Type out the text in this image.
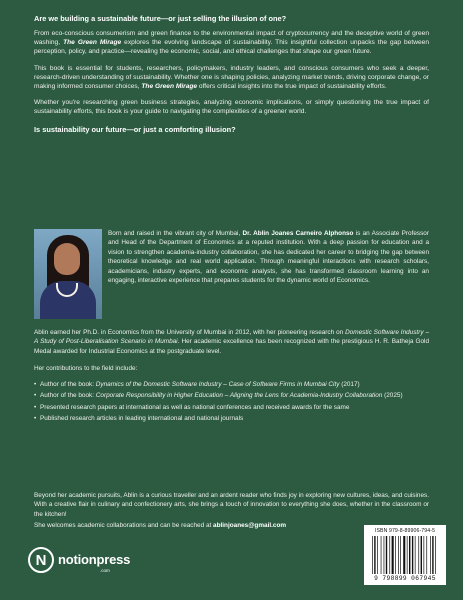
Are we building a sustainable future—or just selling the illusion of one?
From eco-conscious consumerism and green finance to the environmental impact of cryptocurrency and the deceptive world of green washing, The Green Mirage explores the evolving landscape of sustainability. This insightful collection unpacks the gap between perception, policy, and practice—revealing the economic, social, and ethical challenges that shape our green future.
This book is essential for students, researchers, policymakers, industry leaders, and conscious consumers who seek a deeper, research-driven understanding of sustainability. Whether one is shaping policies, analyzing market trends, driving corporate change, or making informed consumer choices, The Green Mirage offers critical insights into the true impact of sustainability efforts.
Whether you're researching green business strategies, analyzing economic implications, or simply questioning the true impact of sustainability efforts, this book is your guide to navigating the complexities of a greener world.
Is sustainability our future—or just a comforting illusion?
Born and raised in the vibrant city of Mumbai, Dr. Ablin Joanes Carneiro Alphonso is an Associate Professor and Head of the Department of Economics at a reputed institution. With a deep passion for education and a vision to strengthen academia-industry collaboration, she has dedicated her career to bridging the gap between theoretical knowledge and real world application. Through meaningful interactions with research scholars, academicians, industry experts, and economic analysts, she has transformed classroom learning into an engaging, interactive experience that prepares students for the dynamic world of Economics.
Ablin earned her Ph.D. in Economics from the University of Mumbai in 2012, with her pioneering research on Domestic Software Industry – A Study of Post-Liberalisation Scenario in Mumbai. Her academic excellence has been recognized with the prestigious H. R. Batheja Gold Medal awarded for Industrial Economics at the postgraduate level.
Her contributions to the field include:
• Author of the book: Dynamics of the Domestic Software Industry – Case of Software Firms in Mumbai City (2017)
• Author of the book: Corporate Responsibility in Higher Education – Aligning the Lens for Academia-Industry Collaboration (2025)
• Presented research papers at international as well as national conferences and received awards for the same
• Published research articles in leading international and national journals
Beyond her academic pursuits, Ablin is a curious traveller and an ardent reader who finds joy in exploring new cultures, ideas, and cuisines. With a creative flair in culinary and confectionery arts, she brings a touch of innovation to everything she does, whether in the classroom or the kitchen!
She welcomes academic collaborations and can be reached at ablinjoanes@gmail.com
N notionpress
.com
ISBN 979-8-89906-794-5
9 798899 067945
